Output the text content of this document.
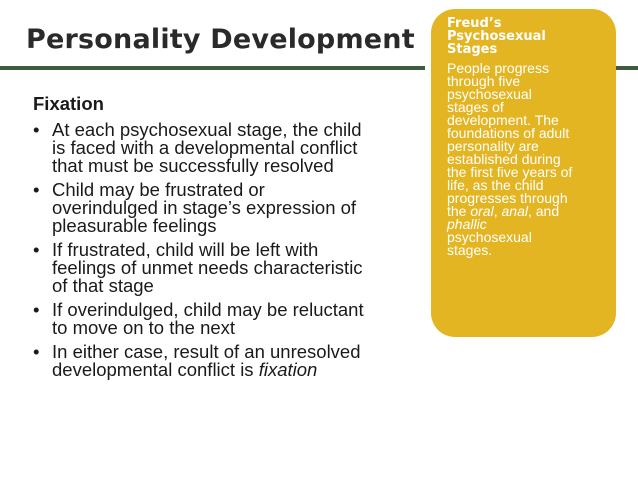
Personality Development
Fixation
• At each psychosexual stage, the child
is faced with a developmental conflict
that must be successfully resolved
• Child may be frustrated or
overindulged in stage’s expression of
pleasurable feelings
• If frustrated, child will be left with
feelings of unmet needs characteristic
of that stage
• If overindulged, child may be reluctant
to move on to the next
• In either case, result of an unresolved
developmental conflict is fixation
Freud’s
Psychosexual
Stages
People progress
through five
psychosexual
stages of
development. The
foundations of adult
personality are
established during
the first five years of
life, as the child
progresses through
the oral, anal, and
phallic
psychosexual
stages.
